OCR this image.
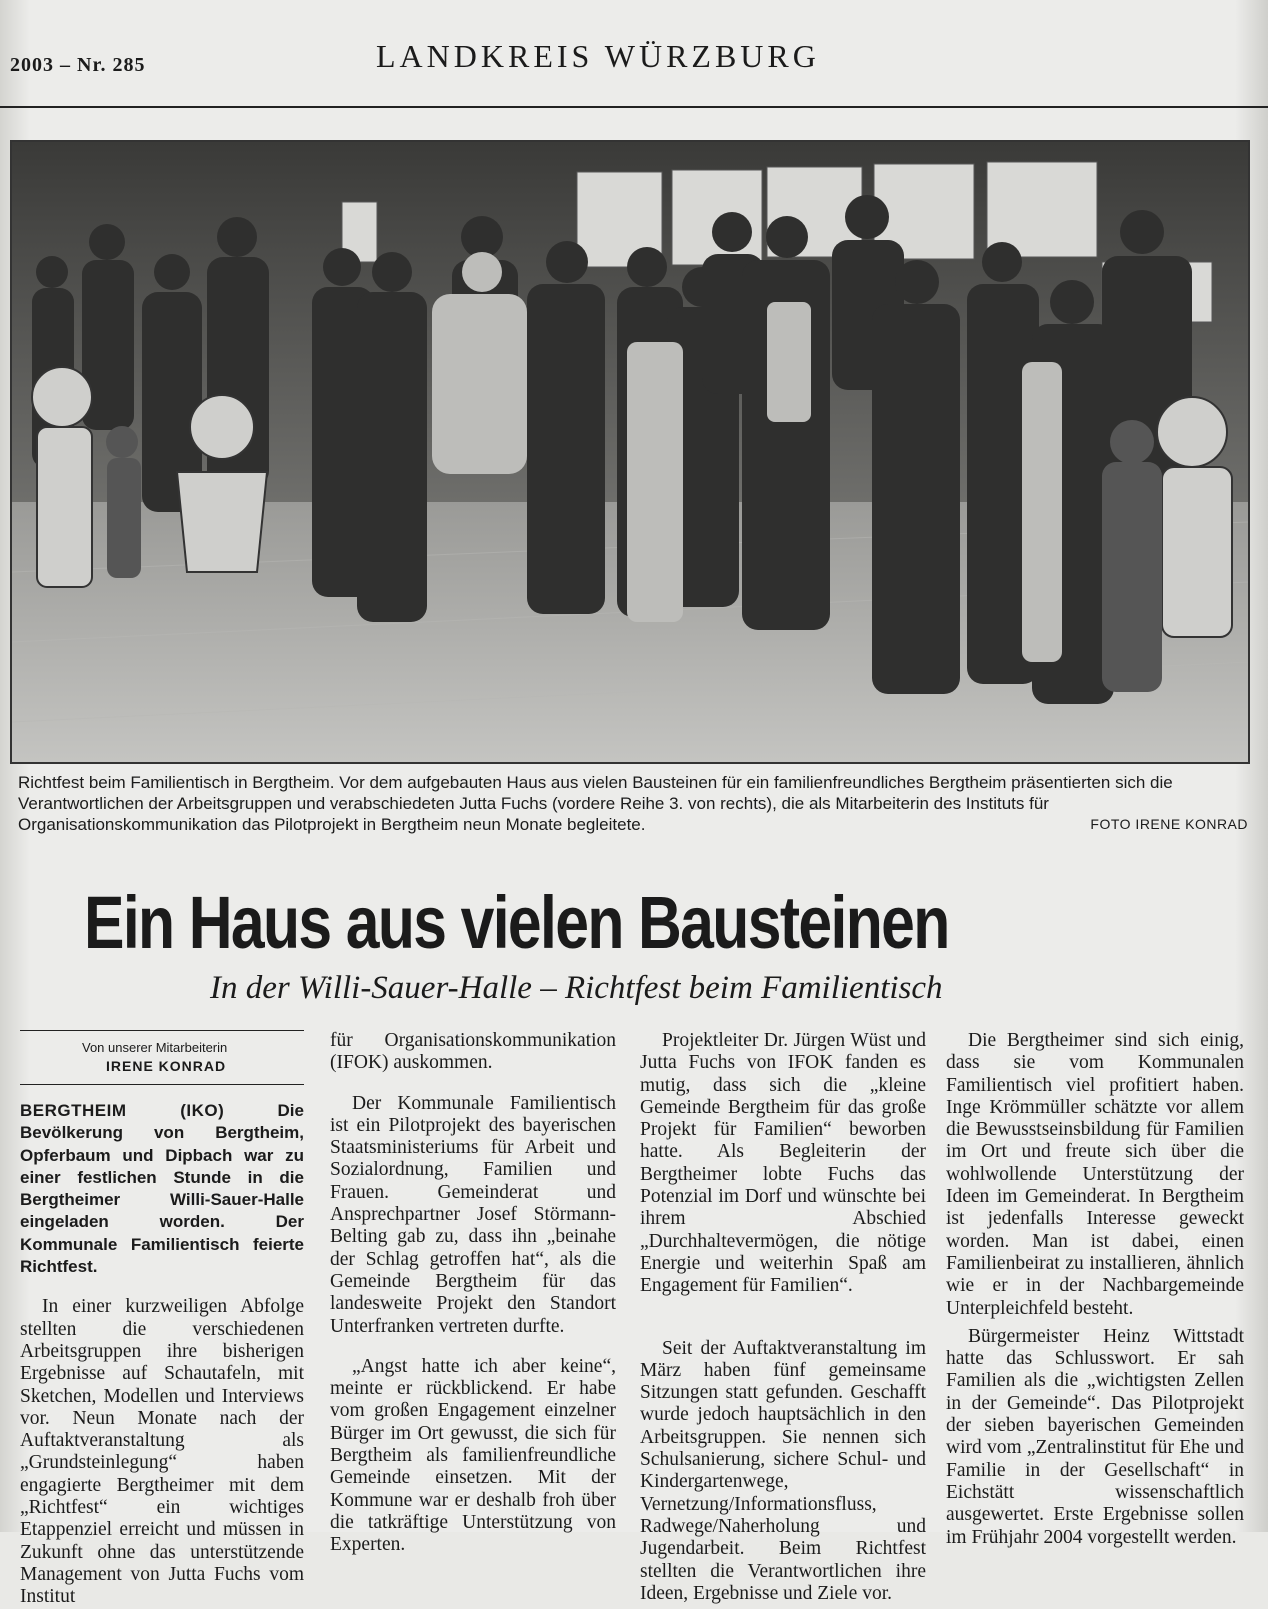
2003 – Nr. 285	LANDKREIS WÜRZBURG
Richtfest beim Familientisch in Bergtheim. Vor dem aufgebauten Haus aus vielen Bausteinen für ein familienfreundliches Bergtheim präsentierten sich die Verantwortlichen der Arbeitsgruppen und verabschiedeten Jutta Fuchs (vordere Reihe 3. von rechts), die als Mitarbeiterin des Instituts für Organisationskommunikation das Pilotprojekt in Bergtheim neun Monate begleitete.	FOTO IRENE KONRAD
Ein Haus aus vielen Bausteinen
In der Willi-Sauer-Halle – Richtfest beim Familientisch
Von unserer Mitarbeiterin
IRENE KONRAD

BERGTHEIM (IKO)	Die Bevölkerung von Bergtheim, Opferbaum und Dipbach war zu einer festlichen Stunde in die Bergtheimer Willi-Sauer-Halle eingeladen worden. Der Kommunale Familientisch feierte Richtfest.

In einer kurzweiligen Abfolge stellten die verschiedenen Arbeitsgruppen ihre bisherigen Ergebnisse auf Schautafeln, mit Sketchen, Modellen und Interviews vor. Neun Monate nach der Auftaktveranstaltung als „Grundsteinlegung“ haben engagierte Bergtheimer mit dem „Richtfest“ ein wichtiges Etappenziel erreicht und müssen in Zukunft ohne das unterstützende Management von Jutta Fuchs vom Institut

für Organisationskommunikation (IFOK) auskommen.

Der Kommunale Familientisch ist ein Pilotprojekt des bayerischen Staatsministeriums für Arbeit und Sozialordnung, Familien und Frauen. Gemeinderat und Ansprechpartner Josef Störmann-Belting gab zu, dass ihn „beinahe der Schlag getroffen hat“, als die Gemeinde Bergtheim für das landesweite Projekt den Standort Unterfranken vertreten durfte.

„Angst hatte ich aber keine“, meinte er rückblickend. Er habe vom großen Engagement einzelner Bürger im Ort gewusst, die sich für Bergtheim als familienfreundliche Gemeinde einsetzen. Mit der Kommune war er deshalb froh über die tatkräftige Unterstützung von Experten.

Projektleiter Dr. Jürgen Wüst und Jutta Fuchs von IFOK fanden es mutig, dass sich die „kleine Gemeinde Bergtheim für das große Projekt für Familien“ beworben hatte. Als Begleiterin der Bergtheimer lobte Fuchs das Potenzial im Dorf und wünschte bei ihrem Abschied „Durchhaltevermögen, die nötige Energie und weiterhin Spaß am Engagement für Familien“.

Seit der Auftaktveranstaltung im März haben fünf gemeinsame Sitzungen statt gefunden. Geschafft wurde jedoch hauptsächlich in den Arbeitsgruppen. Sie nennen sich Schulsanierung, sichere Schul- und Kindergartenwege, Vernetzung/Informationsfluss, Radwege/Naherholung und Jugendarbeit. Beim Richtfest stellten die Verantwortlichen ihre Ideen, Ergebnisse und Ziele vor.

Die Bergtheimer sind sich einig, dass sie vom Kommunalen Familientisch viel profitiert haben. Inge Krömmüller schätzte vor allem die Bewusstseinsbildung für Familien im Ort und freute sich über die wohlwollende Unterstützung der Ideen im Gemeinderat. In Bergtheim ist jedenfalls Interesse geweckt worden. Man ist dabei, einen Familienbeirat zu installieren, ähnlich wie er in der Nachbargemeinde Unterpleichfeld besteht.

Bürgermeister Heinz Wittstadt hatte das Schlusswort. Er sah Familien als die „wichtigsten Zellen in der Gemeinde“. Das Pilotprojekt der sieben bayerischen Gemeinden wird vom „Zentralinstitut für Ehe und Familie in der Gesellschaft“ in Eichstätt wissenschaftlich ausgewertet. Erste Ergebnisse sollen im Frühjahr 2004 vorgestellt werden.
